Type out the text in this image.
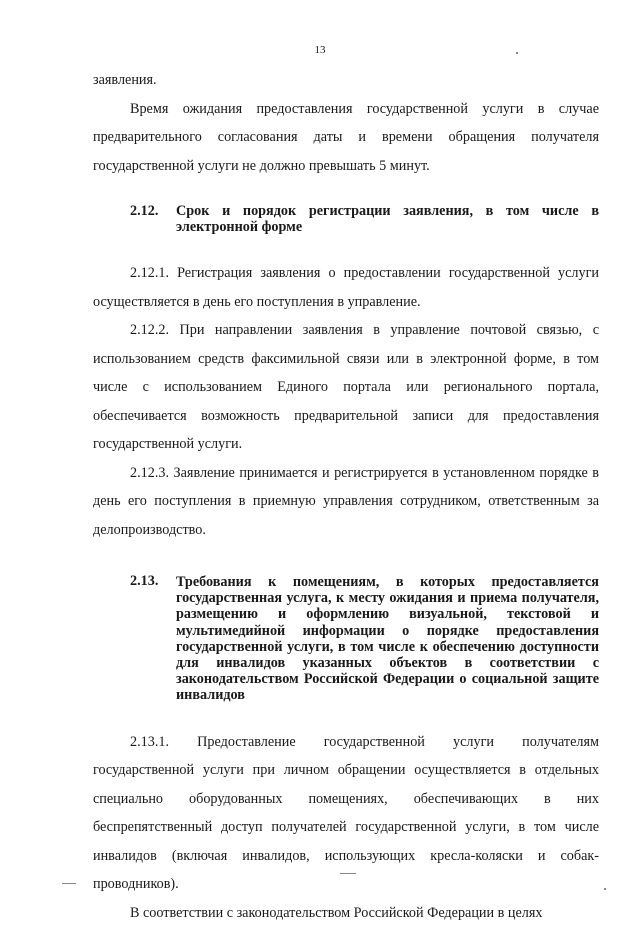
13

заявления.

Время ожидания предоставления государственной услуги в случае предварительного согласования даты и времени обращения получателя государственной услуги не должно превышать 5 минут.

2.12.	Срок и порядок регистрации заявления, в том числе в электронной форме

2.12.1. Регистрация заявления о предоставлении государственной услуги осуществляется в день его поступления в управление.

2.12.2. При направлении заявления в управление почтовой связью, с использованием средств факсимильной связи или в электронной форме, в том числе с использованием Единого портала или регионального портала, обеспечивается возможность предварительной записи для предоставления государственной услуги.

2.12.3. Заявление принимается и регистрируется в установленном порядке в день его поступления в приемную управления сотрудником, ответственным за делопроизводство.

2.13.	Требования к помещениям, в которых предоставляется государственная услуга, к месту ожидания и приема получателя, размещению и оформлению визуальной, текстовой и мультимедийной информации о порядке предоставления государственной услуги, в том числе к обеспечению доступности для инвалидов указанных объектов в соответствии с законодательством Российской Федерации о социальной защите инвалидов

2.13.1. Предоставление государственной услуги получателям государственной услуги при личном обращении осуществляется в отдельных специально оборудованных помещениях, обеспечивающих в них беспрепятственный доступ получателей государственной услуги, в том числе инвалидов (включая инвалидов, использующих кресла-коляски и собак-проводников).

В соответствии с законодательством Российской Федерации в целях
